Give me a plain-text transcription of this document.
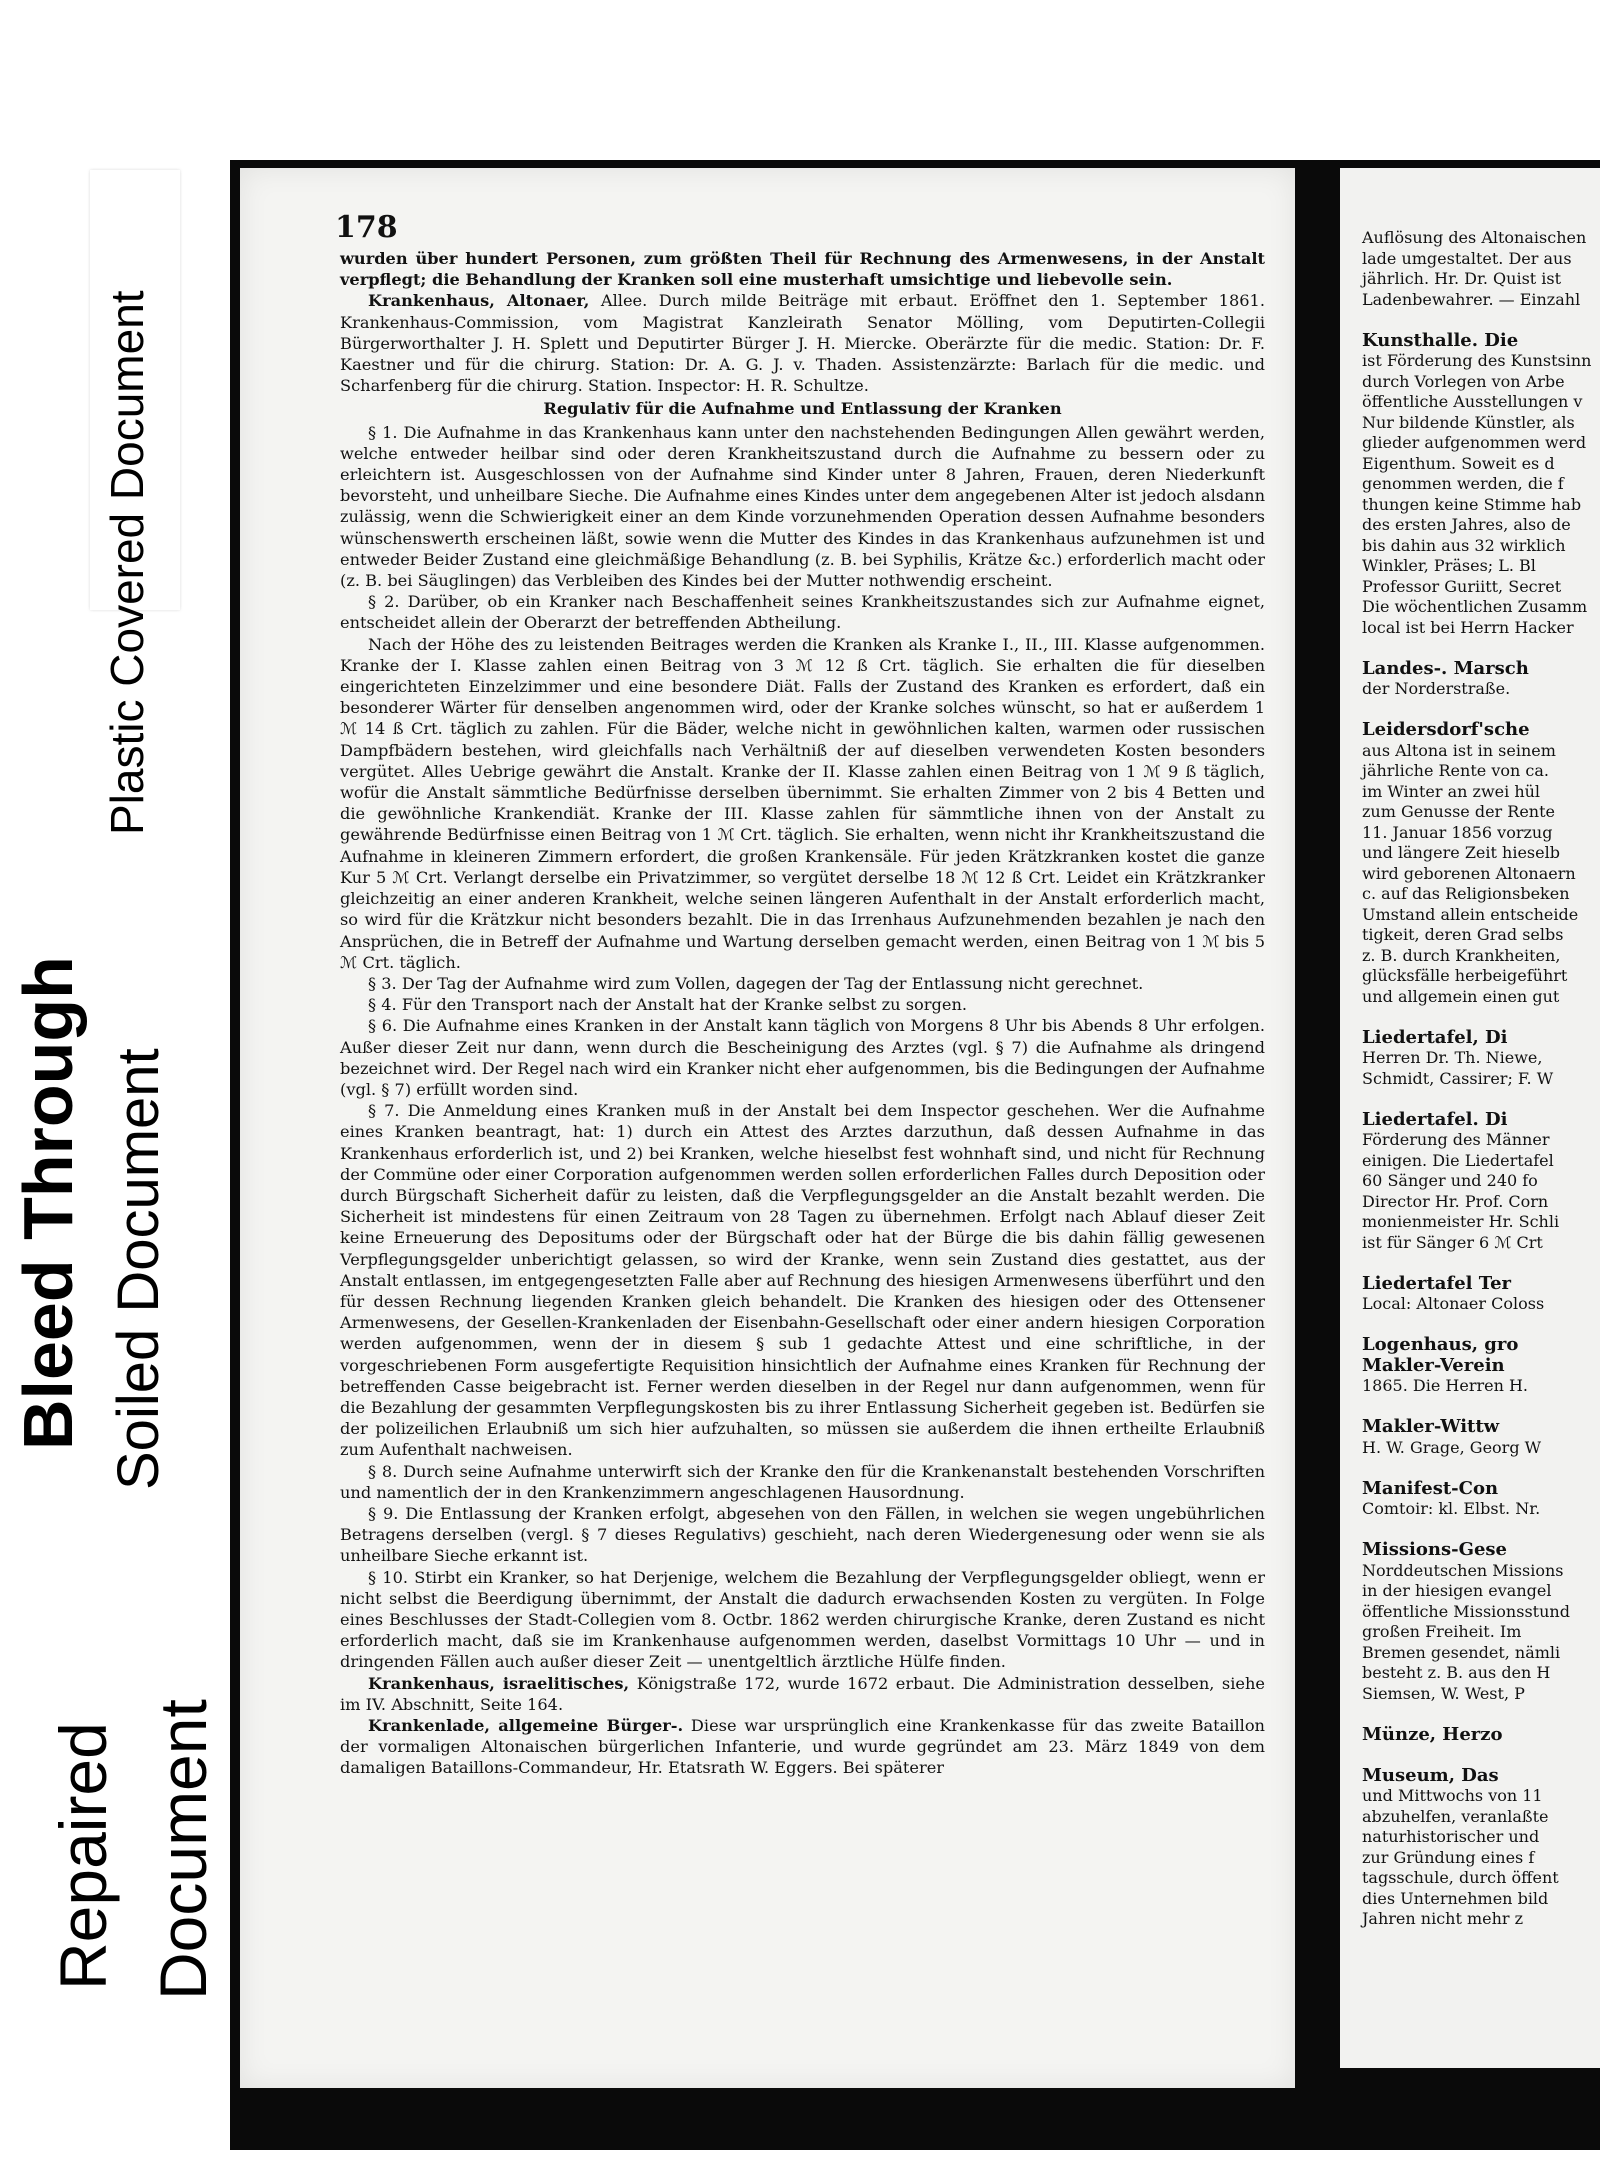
Plastic Covered Document
Bleed Through Soiled Document
Repaired Document
178

wurden über hundert Personen, zum größten Theil für Rechnung des Armenwesens, in der Anstalt verpflegt; die Behandlung der Kranken soll eine musterhaft umsichtige und liebevolle sein.

Krankenhaus, Altonaer, Allee. Durch milde Beiträge mit erbaut. Eröffnet den 1. September 1861. Krankenhaus-Commission, vom Magistrat Kanzleirath Senator Mölling, vom Deputirten-Collegii Bürgerworthalter J. H. Splett und Deputirter Bürger J. H. Miercke. Oberärzte für die medic. Station: Dr. F. Kaestner und für die chirurg. Station: Dr. A. G. J. v. Thaden. Assistenzärzte: Barlach für die medic. und Scharfenberg für die chirurg. Station. Inspector: H. R. Schultze.

Regulativ für die Aufnahme und Entlassung der Kranken

§ 1. Die Aufnahme in das Krankenhaus kann unter den nachstehenden Bedingungen Allen gewährt werden, welche entweder heilbar sind oder deren Krankheitszustand durch die Aufnahme zu bessern oder zu erleichtern ist. Ausgeschlossen von der Aufnahme sind Kinder unter 8 Jahren, Frauen, deren Niederkunft bevorsteht, und unheilbare Sieche. Die Aufnahme eines Kindes unter dem angegebenen Alter ist jedoch alsdann zulässig, wenn die Schwierigkeit einer an dem Kinde vorzunehmenden Operation dessen Aufnahme besonders wünschenswerth erscheinen läßt, sowie wenn die Mutter des Kindes in das Krankenhaus aufzunehmen ist und entweder Beider Zustand eine gleichmäßige Behandlung (z. B. bei Syphilis, Krätze &c.) erforderlich macht oder (z. B. bei Säuglingen) das Verbleiben des Kindes bei der Mutter nothwendig erscheint.

§ 2. Darüber, ob ein Kranker nach Beschaffenheit seines Krankheitszustandes sich zur Aufnahme eignet, entscheidet allein der Oberarzt der betreffenden Abtheilung.

Nach der Höhe des zu leistenden Beitrages werden die Kranken als Kranke I., II., III. Klasse aufgenommen. Kranke der I. Klasse zahlen einen Beitrag von 3 ℳ 12 ß Crt. täglich. Sie erhalten die für dieselben eingerichteten Einzelzimmer und eine besondere Diät. Falls der Zustand des Kranken es erfordert, daß ein besonderer Wärter für denselben angenommen wird, oder der Kranke solches wünscht, so hat er außerdem 1 ℳ 14 ß Crt. täglich zu zahlen. Für die Bäder, welche nicht in gewöhnlichen kalten, warmen oder russischen Dampfbädern bestehen, wird gleichfalls nach Verhältniß der auf dieselben verwendeten Kosten besonders vergütet. Alles Uebrige gewährt die Anstalt. Kranke der II. Klasse zahlen einen Beitrag von 1 ℳ 9 ß täglich, wofür die Anstalt sämmtliche Bedürfnisse derselben übernimmt. Sie erhalten Zimmer von 2 bis 4 Betten und die gewöhnliche Krankendiät. Kranke der III. Klasse zahlen für sämmtliche ihnen von der Anstalt zu gewährende Bedürfnisse einen Beitrag von 1 ℳ Crt. täglich. Sie erhalten, wenn nicht ihr Krankheitszustand die Aufnahme in kleineren Zimmern erfordert, die großen Krankensäle. Für jeden Krätzkranken kostet die ganze Kur 5 ℳ Crt. Verlangt derselbe ein Privatzimmer, so vergütet derselbe 18 ℳ 12 ß Crt. Leidet ein Krätzkranker gleichzeitig an einer anderen Krankheit, welche seinen längeren Aufenthalt in der Anstalt erforderlich macht, so wird für die Krätzkur nicht besonders bezahlt. Die in das Irrenhaus Aufzunehmenden bezahlen je nach den Ansprüchen, die in Betreff der Aufnahme und Wartung derselben gemacht werden, einen Beitrag von 1 ℳ bis 5 ℳ Crt. täglich.

§ 3. Der Tag der Aufnahme wird zum Vollen, dagegen der Tag der Entlassung nicht gerechnet.

§ 4. Für den Transport nach der Anstalt hat der Kranke selbst zu sorgen.

§ 6. Die Aufnahme eines Kranken in der Anstalt kann täglich von Morgens 8 Uhr bis Abends 8 Uhr erfolgen. Außer dieser Zeit nur dann, wenn durch die Bescheinigung des Arztes (vgl. § 7) die Aufnahme als dringend bezeichnet wird. Der Regel nach wird ein Kranker nicht eher aufgenommen, bis die Bedingungen der Aufnahme (vgl. § 7) erfüllt worden sind.

§ 7. Die Anmeldung eines Kranken muß in der Anstalt bei dem Inspector geschehen. Wer die Aufnahme eines Kranken beantragt, hat: 1) durch ein Attest des Arztes darzuthun, daß dessen Aufnahme in das Krankenhaus erforderlich ist, und 2) bei Kranken, welche hieselbst fest wohnhaft sind, und nicht für Rechnung der Commüne oder einer Corporation aufgenommen werden sollen erforderlichen Falles durch Deposition oder durch Bürgschaft Sicherheit dafür zu leisten, daß die Verpflegungsgelder an die Anstalt bezahlt werden. Die Sicherheit ist mindestens für einen Zeitraum von 28 Tagen zu übernehmen. Erfolgt nach Ablauf dieser Zeit keine Erneuerung des Depositums oder der Bürgschaft oder hat der Bürge die bis dahin fällig gewesenen Verpflegungsgelder unberichtigt gelassen, so wird der Kranke, wenn sein Zustand dies gestattet, aus der Anstalt entlassen, im entgegengesetzten Falle aber auf Rechnung des hiesigen Armenwesens überführt und den für dessen Rechnung liegenden Kranken gleich behandelt. Die Kranken des hiesigen oder des Ottensener Armenwesens, der Gesellen-Krankenladen der Eisenbahn-Gesellschaft oder einer andern hiesigen Corporation werden aufgenommen, wenn der in diesem § sub 1 gedachte Attest und eine schriftliche, in der vorgeschriebenen Form ausgefertigte Requisition hinsichtlich der Aufnahme eines Kranken für Rechnung der betreffenden Casse beigebracht ist. Ferner werden dieselben in der Regel nur dann aufgenommen, wenn für die Bezahlung der gesammten Verpflegungskosten bis zu ihrer Entlassung Sicherheit gegeben ist. Bedürfen sie der polizeilichen Erlaubniß um sich hier aufzuhalten, so müssen sie außerdem die ihnen ertheilte Erlaubniß zum Aufenthalt nachweisen.

§ 8. Durch seine Aufnahme unterwirft sich der Kranke den für die Krankenanstalt bestehenden Vorschriften und namentlich der in den Krankenzimmern angeschlagenen Hausordnung.

§ 9. Die Entlassung der Kranken erfolgt, abgesehen von den Fällen, in welchen sie wegen ungebührlichen Betragens derselben (vergl. § 7 dieses Regulativs) geschieht, nach deren Wiedergenesung oder wenn sie als unheilbare Sieche erkannt ist.

§ 10. Stirbt ein Kranker, so hat Derjenige, welchem die Bezahlung der Verpflegungsgelder obliegt, wenn er nicht selbst die Beerdigung übernimmt, der Anstalt die dadurch erwachsenden Kosten zu vergüten. In Folge eines Beschlusses der Stadt-Collegien vom 8. Octbr. 1862 werden chirurgische Kranke, deren Zustand es nicht erforderlich macht, daß sie im Krankenhause aufgenommen werden, daselbst Vormittags 10 Uhr — und in dringenden Fällen auch außer dieser Zeit — unentgeltlich ärztliche Hülfe finden.

Krankenhaus, israelitisches, Königstraße 172, wurde 1672 erbaut. Die Administration desselben, siehe im IV. Abschnitt, Seite 164.

Krankenlade, allgemeine Bürger-. Diese war ursprünglich eine Krankenkasse für das zweite Bataillon der vormaligen Altonaischen bürgerlichen Infanterie, und wurde gegründet am 23. März 1849 von dem damaligen Bataillons-Commandeur, Hr. Etatsrath W. Eggers. Bei späterer

Auflösung des Altonaischen
lade umgestaltet. Der aus
jährlich. Hr. Dr. Quist ist
Ladenbewahrer. — Einzahl
Kunsthalle. Die
ist Förderung des Kunstsinn
durch Vorlegen von Arbe
öffentliche Ausstellungen v
Nur bildende Künstler, als
glieder aufgenommen werd
Eigenthum. Soweit es d
genommen werden, die f
thungen keine Stimme hab
des ersten Jahres, also de
bis dahin aus 32 wirklich
Winkler, Präses; L. Bl
Professor Guriitt, Secret
Die wöchentlichen Zusamm
local ist bei Herrn Hacker
Landes-. Marsch
der Norderstraße.
Leidersdorf'sche
aus Altona ist in seinem
jährliche Rente von ca.
im Winter an zwei hül
zum Genusse der Rente
11. Januar 1856 vorzug
und längere Zeit hieselb
wird geborenen Altonaern
c. auf das Religionsbeken
Umstand allein entscheide
tigkeit, deren Grad selbs
z. B. durch Krankheiten,
glücksfälle herbeigeführt
und allgemein einen gut
Liedertafel, Di
Herren Dr. Th. Niewe,
Schmidt, Cassirer; F. W
Liedertafel. Di
Förderung des Männer
einigen. Die Liedertafel
60 Sänger und 240 fo
Director Hr. Prof. Corn
monienmeister Hr. Schli
ist für Sänger 6 ℳ Crt
Liedertafel Ter
Local: Altonaer Coloss
Logenhaus, gro
Makler-Verein
1865. Die Herren H.
Makler-Wittw
H. W. Grage, Georg W
Manifest-Con
Comtoir: kl. Elbst. Nr.
Missions-Gese
Norddeutschen Missions
in der hiesigen evangel
öffentliche Missionsstund
großen Freiheit. Im
Bremen gesendet, nämli
besteht z. B. aus den H
Siemsen, W. West, P
Münze, Herzo
Museum, Das
und Mittwochs von 11
abzuhelfen, veranlaßte
naturhistorischer und
zur Gründung eines f
tagsschule, durch öffent
dies Unternehmen bild
Jahren nicht mehr z
